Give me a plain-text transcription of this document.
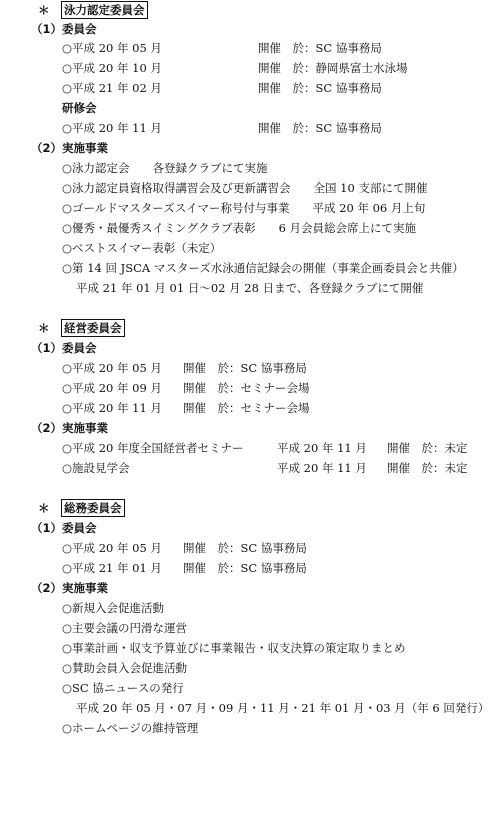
＊ 泳力認定委員会
（1） 委員会
○平成 20 年 05 月	開催　於：SC 協事務局
○平成 20 年 10 月	開催　於：静岡県富士水泳場
○平成 21 年 02 月	開催　於：SC 協事務局
研修会
○平成 20 年 11 月	開催　於：SC 協事務局
（2） 実施事業
○泳力認定会　　各登録クラブにて実施
○泳力認定員資格取得講習会及び更新講習会　　全国 10 支部にて開催
○ゴールドマスターズスイマー称号付与事業　　平成 20 年 06 月上旬
○優秀・最優秀スイミングクラブ表彰　　6 月会員総会席上にて実施
○ベストスイマー表彰（未定）
○第 14 回 JSCA マスターズ水泳通信記録会の開催（事業企画委員会と共催）
平成 21 年 01 月 01 日～02 月 28 日まで、各登録クラブにて開催
＊ 経営委員会
（1） 委員会
○平成 20 年 05 月 開催　於：SC 協事務局
○平成 20 年 09 月 開催　於：セミナー会場
○平成 20 年 11 月 開催　於：セミナー会場
（2） 実施事業
○平成 20 年度全国経営者セミナー	平成 20 年 11 月 開催　於：未定
○施設見学会	平成 20 年 11 月 開催　於：未定
＊ 総務委員会
（1） 委員会
○平成 20 年 05 月 開催　於：SC 協事務局
○平成 21 年 01 月 開催　於：SC 協事務局
（2） 実施事業
○新規入会促進活動
○主要会議の円滑な運営
○事業計画・収支予算並びに事業報告・収支決算の策定取りまとめ
○賛助会員入会促進活動
○SC 協ニュースの発行
平成 20 年 05 月・07 月・09 月・11 月・21 年 01 月・03 月（年 6 回発行）
○ホームページの維持管理
